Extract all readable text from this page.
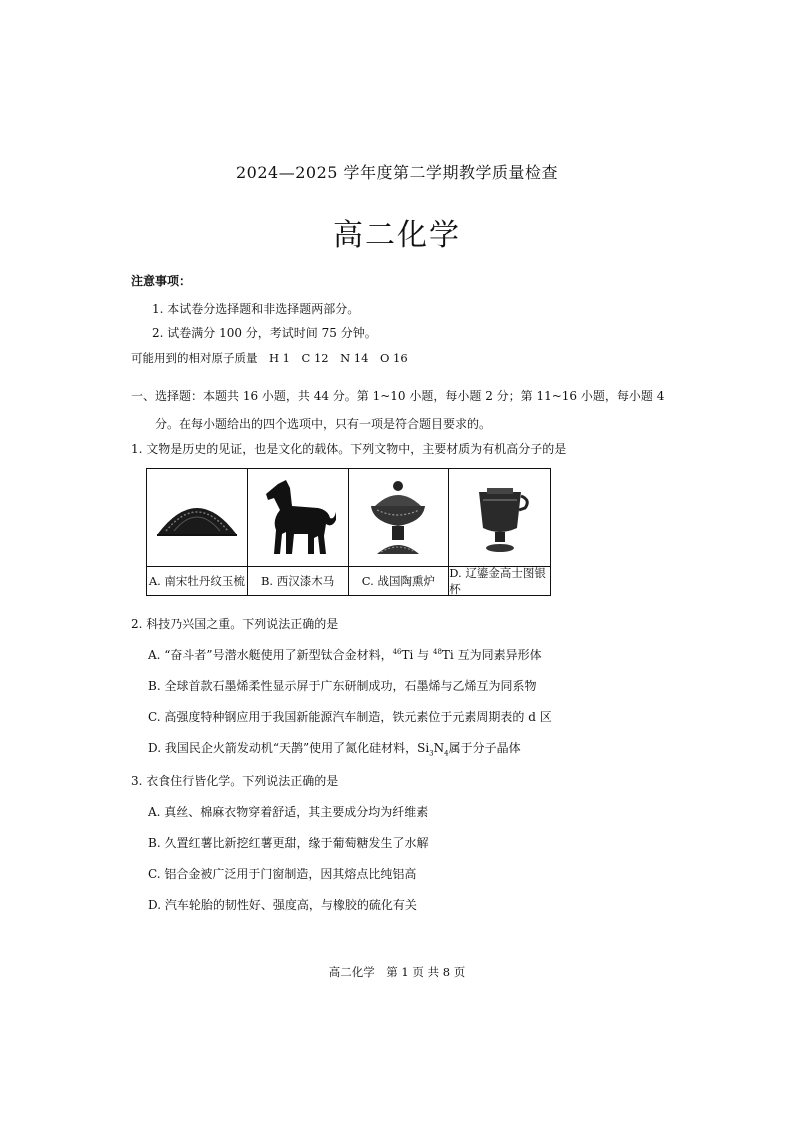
2024—2025 学年度第二学期教学质量检查
高二化学
注意事项：
1. 本试卷分选择题和非选择题两部分。
2. 试卷满分 100 分，考试时间 75 分钟。
可能用到的相对原子质量　H 1　C 12　N 14　O 16
一、选择题：本题共 16 小题，共 44 分。第 1~10 小题，每小题 2 分；第 11~16 小题，每小题 4
分。在每小题给出的四个选项中，只有一项是符合题目要求的。
1. 文物是历史的见证，也是文化的载体。下列文物中，主要材质为有机高分子的是
A. 南宋牡丹纹玉梳	B. 西汉漆木马	C. 战国陶熏炉
D. 辽鎏金高士图银杯
2. 科技乃兴国之重。下列说法正确的是
A. “奋斗者”号潜水艇使用了新型钛合金材料，$^{46}$Ti 与 $^{48}$Ti 互为同素异形体
B. 全球首款石墨烯柔性显示屏于广东研制成功，石墨烯与乙烯互为同系物
C. 高强度特种钢应用于我国新能源汽车制造，铁元素位于元素周期表的 d 区
D. 我国民企火箭发动机“天鹊”使用了氮化硅材料，$Si_3N_4$属于分子晶体
3. 衣食住行皆化学。下列说法正确的是
A. 真丝、棉麻衣物穿着舒适，其主要成分均为纤维素
B. 久置红薯比新挖红薯更甜，缘于葡萄糖发生了水解
C. 铝合金被广泛用于门窗制造，因其熔点比纯铝高
D. 汽车轮胎的韧性好、强度高，与橡胶的硫化有关
高二化学　第 1 页 共 8 页
